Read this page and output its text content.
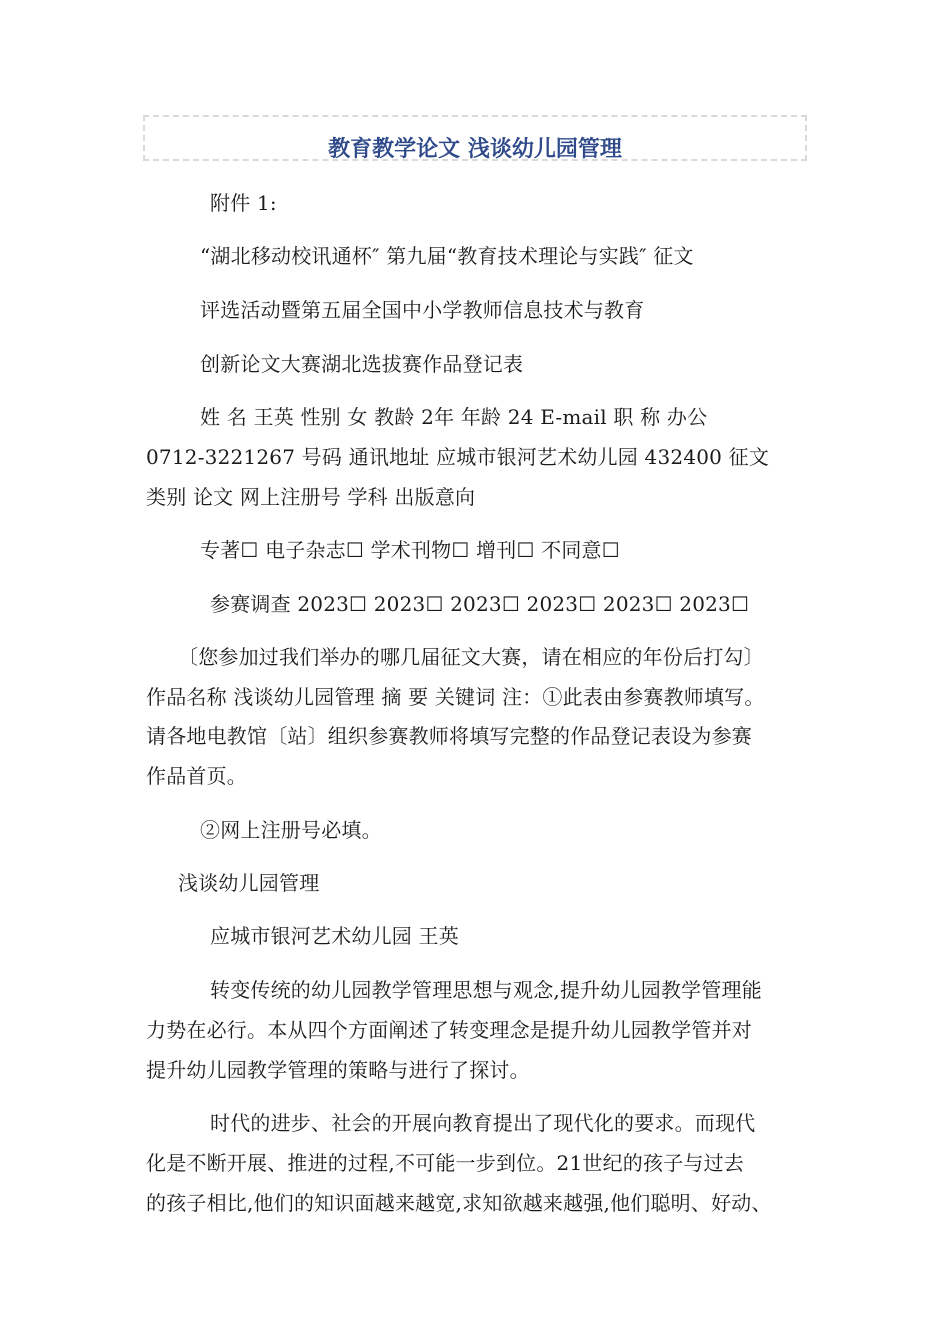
教育教学论文 浅谈幼儿园管理
附件 1:
“湖北移动校讯通杯″ 第九届“教育技术理论与实践″ 征文
评选活动暨第五届全国中小学教师信息技术与教育
创新论文大赛湖北选拔赛作品登记表
姓 名 王英 性别 女 教龄 2年 年龄 24 E-mail 职 称 办公
0712-3221267 号码 通讯地址 应城市银河艺术幼儿园 432400 征文
类别 论文 网上注册号 学科 出版意向
专著☐ 电子杂志☐ 学术刊物☐ 增刊☐ 不同意☐
参赛调查 2023☐ 2023☐ 2023☐ 2023☐ 2023☐ 2023☐
〔您参加过我们举办的哪几届征文大赛，请在相应的年份后打勾〕
作品名称 浅谈幼儿园管理 摘 要 关键词 注：①此表由参赛教师填写。
请各地电教馆〔站〕组织参赛教师将填写完整的作品登记表设为参赛
作品首页。
②网上注册号必填。
浅谈幼儿园管理
应城市银河艺术幼儿园 王英
转变传统的幼儿园教学管理思想与观念,提升幼儿园教学管理能
力势在必行。本从四个方面阐述了转变理念是提升幼儿园教学管并对
提升幼儿园教学管理的策略与进行了探讨。
时代的进步、社会的开展向教育提出了现代化的要求。而现代
化是不断开展、推进的过程,不可能一步到位。21世纪的孩子与过去
的孩子相比,他们的知识面越来越宽,求知欲越来越强,他们聪明、好动、
